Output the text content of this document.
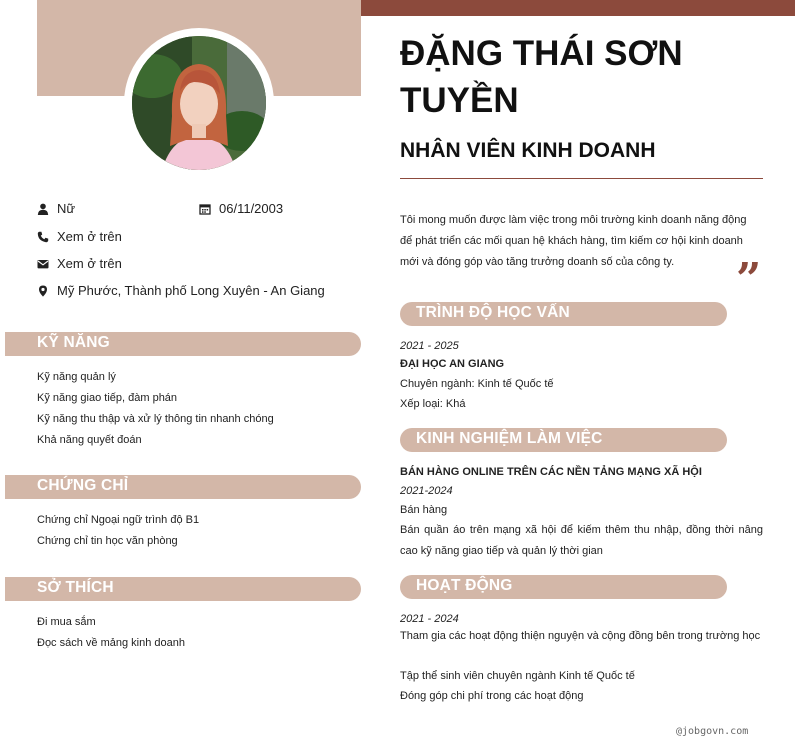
Nữ	06/11/2003
Xem ở trên
Xem ở trên
Mỹ Phước, Thành phố Long Xuyên - An Giang
KỸ NĂNG
Kỹ năng quản lý
Kỹ năng giao tiếp, đàm phán
Kỹ năng thu thập và xử lý thông tin nhanh chóng
Khả năng quyết đoán
CHỨNG CHỈ
Chứng chỉ Ngoại ngữ trình độ B1
Chứng chỉ tin học văn phòng
SỞ THÍCH
Đi mua sắm
Đọc sách về mảng kinh doanh
ĐẶNG THÁI SƠN TUYỀN
NHÂN VIÊN KINH DOANH
Tôi mong muốn được làm việc trong môi trường kinh doanh năng động để phát triển các mối quan hệ khách hàng, tìm kiếm cơ hội kinh doanh mới và đóng góp vào tăng trưởng doanh số của công ty.	”
TRÌNH ĐỘ HỌC VẤN
2021 - 2025
ĐẠI HỌC AN GIANG
Chuyên ngành: Kinh tế Quốc tế
Xếp loại: Khá
KINH NGHIỆM LÀM VIỆC
BÁN HÀNG ONLINE TRÊN CÁC NỀN TẢNG MẠNG XÃ HỘI
2021-2024
Bán hàng
Bán quần áo trên mạng xã hội để kiếm thêm thu nhập, đồng thời nâng cao kỹ năng giao tiếp và quản lý thời gian
HOẠT ĐỘNG
2021 - 2024
Tham gia các hoạt động thiện nguyện và cộng đồng bên trong trường học
Tập thể sinh viên chuyên ngành Kinh tế Quốc tế
Đóng góp chi phí trong các hoạt động
@jobgovn.com
